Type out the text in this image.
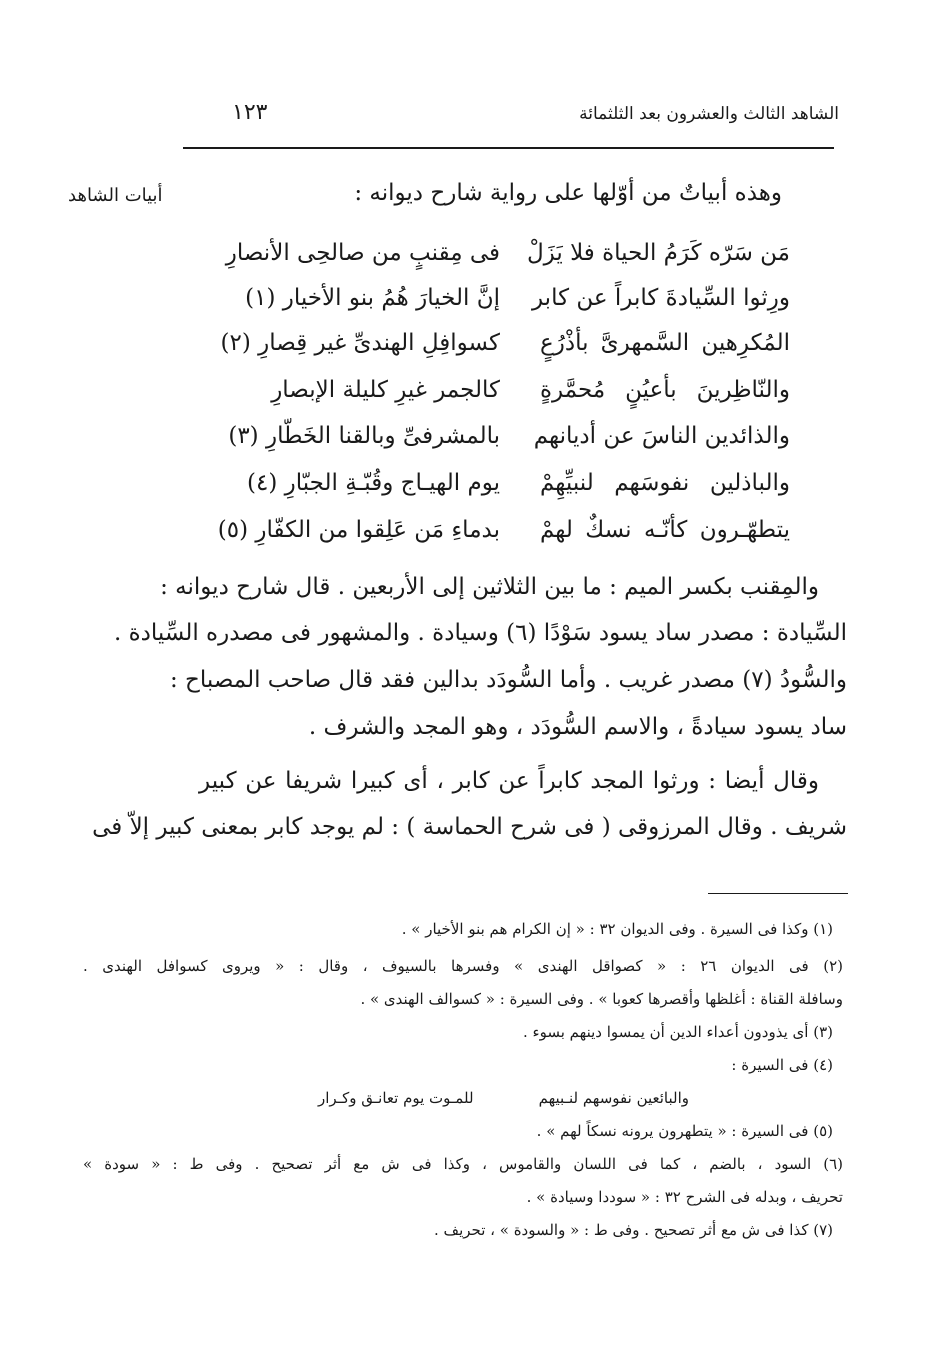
الشاهد الثالث والعشرون بعد الثلثمائة
١٢٣
أبيات الشاهد	وهذه أبياتٌ من أوّلها على رواية شارح ديوانه :
مَن سَرّه كَرَمُ الحياة فلا يَزَلْ
فى مِقنبٍ من صالحِى الأنصارِ
ورِثوا السِّيادةَ كابراً عن كابر
إنَّ الخيارَ هُمُ بنو الأخيار (١)
المُكرِهين السَّمهرىَّ بأذْرُعٍ
كسوافِلِ الهندىِّ غير قِصارِ (٢)
والنّاظِرينَ بأعيُنٍ مُحمَّرةٍ
كالجمر غيرِ كليلة الإبصارِ
والذائدين الناسَ عن أديانهم
بالمشرفىِّ وبالقنا الخَطّارِ (٣)
والباذلين نفوسَهم لنبيِّهِمْ
يوم الهيـاج وقُبّـةِ الجبّارِ (٤)
يتطهّـرون كأنّـه نسكٌ لهمْ
بدماءِ مَن عَلِقوا من الكفّارِ (٥)
والمِقنب بكسر الميم : ما بين الثلاثين إلى الأربعين . قال شارح ديوانه :
السِّيادة : مصدر ساد يسود سَوْدًا (٦) وسيادة . والمشهور فى مصدره السِّيادة .
والسُّودُ (٧) مصدر غريب . وأما السُّودَد بدالين فقد قال صاحب المصباح :
ساد يسود سيادةً ، والاسم السُّودَد ، وهو المجد والشرف .
وقال أيضا : ورثوا المجد كابراً عن كابر ، أى كبيرا شريفا عن كبير
شريف . وقال المرزوقى ( فى شرح الحماسة ) : لم يوجد كابر بمعنى كبير إلاّ فى
(١) وكذا فى السيرة . وفى الديوان ٣٢ : « إن الكرام هم بنو الأخيار » .
(٢) فى الديوان ٢٦ : « كصواقل الهندى » وفسرها بالسيوف ، وقال : « ويروى كسوافل الهندى .
وسافلة القناة : أغلظها وأقصرها كعوبا » . وفى السيرة : « كسوالف الهندى » .
(٣) أى يذودون أعداء الدين أن يمسوا دينهم بسوء .
(٤) فى السيرة :
والبائعين نفوسهم لنـبيهم
للمـوت يوم تعانـق وكـرار
(٥) فى السيرة : « يتطهرون يرونه نسكاً لهم » .
(٦) السود ، بالضم ، كما فى اللسان والقاموس ، وكذا فى ش مع أثر تصحيح . وفى ط : « سودة »
تحريف ، وبدله فى الشرح ٣٢ : « سوددا وسيادة » .
(٧) كذا فى ش مع أثر تصحيح . وفى ط : « والسودة » ، تحريف .
